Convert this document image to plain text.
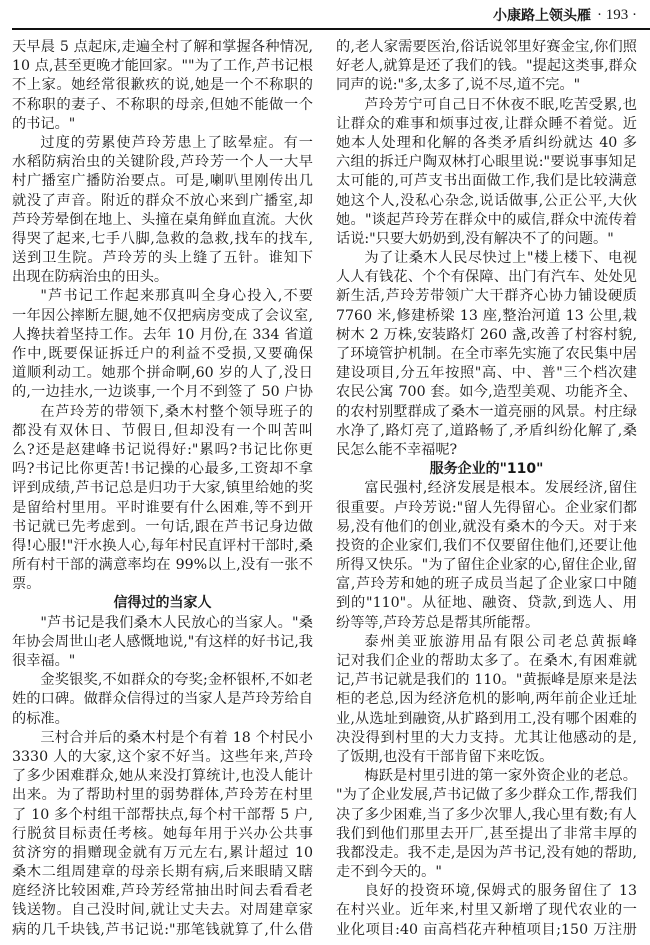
小康路上领头雁 · 193 ·
天早晨 5 点起床,走遍全村了解和掌握各种情况,
10 点,甚至更晚才能回家。""为了工作,芦书记根
不上家。她经常很歉疚的说,她是一个不称职的
不称职的妻子、不称职的母亲,但她不能做一个
的书记。"
过度的劳累使芦玲芳患上了眩晕症。有一
水稻防病治虫的关键阶段,芦玲芳一个人一大早
村广播室广播防治要点。可是,喇叭里刚传出几
就没了声音。附近的群众不放心来到广播室,却
芦玲芳晕倒在地上、头撞在桌角鲜血直流。大伙
得哭了起来,七手八脚,急救的急救,找车的找车,
送到卫生院。芦玲芳的头上缝了五针。谁知下
出现在防病治虫的田头。
"芦书记工作起来那真叫全身心投入,不要
一年因公摔断左腿,她不仅把病房变成了会议室,
人搀扶着坚持工作。去年 10 月份,在 334 省道
作中,既要保证拆迁户的利益不受损,又要确保
道顺利动工。她那个拼命啊,60 岁的人了,没日
的,一边挂水,一边谈事,一个月不到签了 50 户协
在芦玲芳的带领下,桑木村整个领导班子的
都没有双休日、节假日,但却没有一个叫苦叫
么?还是赵建峰书记说得好:"累吗?书记比你更
吗?书记比你更苦!书记操的心最多,工资却不拿
评到成绩,芦书记总是归功于大家,镇里给她的奖
是留给村里用。平时谁要有什么困难,等不到开
书记就已先考虑到。一句话,跟在芦书记身边做
得!心服!"汗水换人心,每年村民直评村干部时,桑
所有村干部的满意率均在 99%以上,没有一张不
票。
信得过的当家人
"芦书记是我们桑木人民放心的当家人。"桑
年协会周世山老人感慨地说,"有这样的好书记,我
很幸福。"
金奖银奖,不如群众的夸奖;金杯银杯,不如老
姓的口碑。做群众信得过的当家人是芦玲芳给自
的标准。
三村合并后的桑木村是个有着 18 个村民小
3330 人的大家,这个家不好当。这些年来,芦玲
了多少困难群众,她从来没打算统计,也没人能计
出来。为了帮助村里的弱势群体,芦玲芳在村里
了 10 多个村组干部帮扶点,每个村干部帮 5 户,
行脱贫目标责任考核。她每年用于兴办公共事
贫济穷的捐赠现金就有万元左右,累计超过 10
桑木二组周建章的母亲长期有病,后来眼睛又瞎
庭经济比较困难,芦玲芳经常抽出时间去看看老
钱送物。自己没时间,就让丈夫去。对周建章家
病的几千块钱,芦书记说:"那笔钱就算了,什么借
的,老人家需要医治,俗话说邻里好赛金宝,你们照
好老人,就算是还了我们的钱。"提起这类事,群众
同声的说:"多,太多了,说不尽,道不完。"
芦玲芳宁可自己日不休夜不眠,吃苦受累,也
让群众的难事和烦事过夜,让群众睡不着觉。近
她本人处理和化解的各类矛盾纠纷就达 40 多
六组的拆迁户陶双林打心眼里说:"要说事事知足
太可能的,可芦支书出面做工作,我们是比较满意
她这个人,没私心杂念,说话做事,公正公平,大伙
她。"谈起芦玲芳在群众中的威信,群众中流传着
话说:"只要大奶奶到,没有解决不了的问题。"
为了让桑木人民尽快过上"楼上楼下、电视
人人有钱花、个个有保障、出门有汽车、处处见
新生活,芦玲芳带领广大干群齐心协力铺设硬质
7760 米,修建桥梁 13 座,整治河道 13 公里,栽
树木 2 万株,安装路灯 260 盏,改善了村容村貌,
了环境管护机制。在全市率先实施了农民集中居
建设项目,分五年按照"高、中、普"三个档次建
农民公寓 700 套。如今,造型美观、功能齐全、
的农村别墅群成了桑木一道亮丽的风景。村庄绿
水净了,路灯亮了,道路畅了,矛盾纠纷化解了,桑
民怎么能不幸福呢?
服务企业的"110"
富民强村,经济发展是根本。发展经济,留住
很重要。卢玲芳说:"留人先得留心。企业家们都
易,没有他们的创业,就没有桑木的今天。对于来
投资的企业家们,我们不仅要留住他们,还要让他
所得又快乐。"为了留住企业家的心,留住企业,留
富,芦玲芳和她的班子成员当起了企业家口中随
到的"110"。从征地、融资、贷款,到选人、用
纷等等,芦玲芳总是帮其所能帮。
泰州美亚旅游用品有限公司老总黄振峰
记对我们企业的帮助太多了。在桑木,有困难就
记,芦书记就是我们的 110。"黄振峰是原来是法
柜的老总,因为经济危机的影响,两年前企业迁址
业,从选址到融资,从扩路到用工,没有哪个困难的
决没得到村里的大力支持。尤其让他感动的是,
了饭期,也没有干部肯留下来吃饭。
梅跃是村里引进的第一家外资企业的老总。
"为了企业发展,芦书记做了多少群众工作,帮我们
决了多少困难,当了多少次罪人,我心里有数;有人
我们到他们那里去开厂,甚至提出了非常丰厚的
我都没走。我不走,是因为芦书记,没有她的帮助,
走不到今天的。"
良好的投资环境,保姆式的服务留住了 13
在村兴业。近年来,村里又新增了现代农业的一
业化项目:40 亩高档花卉种植项目;150 万注册
